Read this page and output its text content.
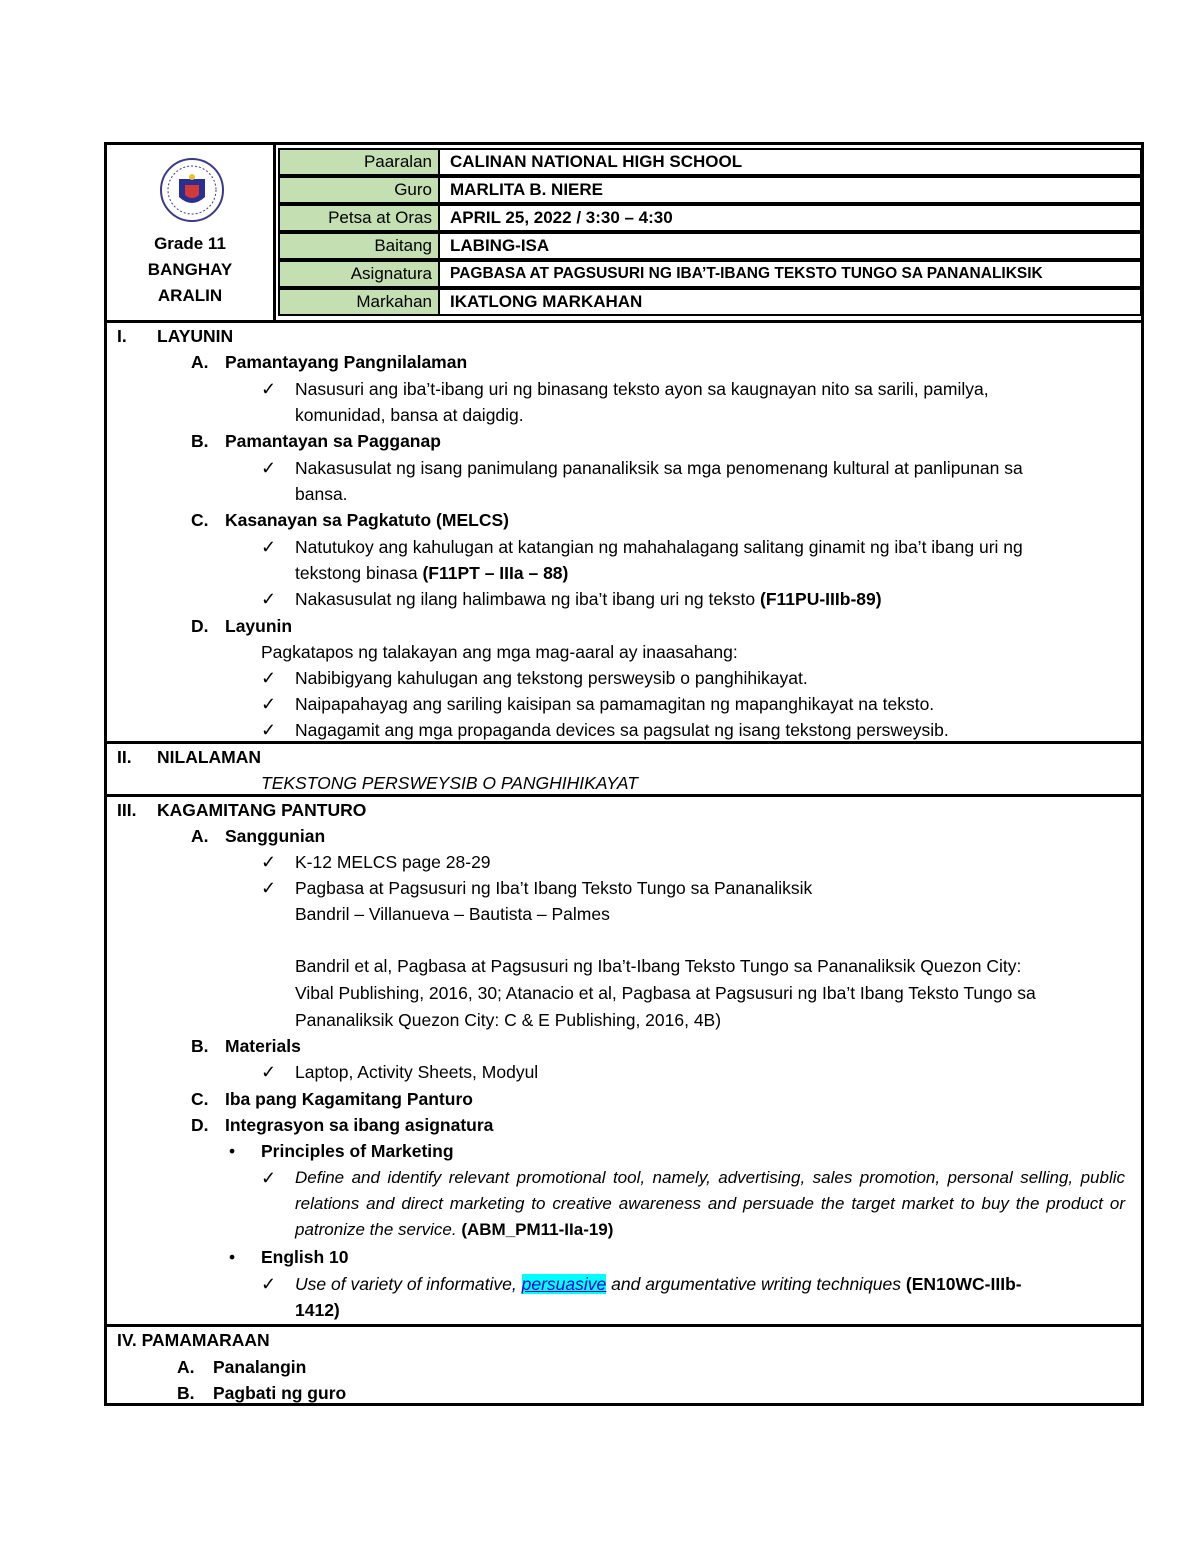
Grade 11
BANGHAY
ARALIN
Paaralan	CALINAN NATIONAL HIGH SCHOOL
Guro	MARLITA B. NIERE
Petsa at Oras	APRIL 25, 2022 / 3:30 – 4:30
Baitang	LABING-ISA
Asignatura	PAGBASA AT PAGSUSURI NG IBA’T-IBANG TEKSTO TUNGO SA PANANALIKSIK
Markahan	IKATLONG MARKAHAN
I. LAYUNIN
A. Pamantayang Pangnilalaman
✓ Nasusuri ang iba’t-ibang uri ng binasang teksto ayon sa kaugnayan nito sa sarili, pamilya,
komunidad, bansa at daigdig.
B. Pamantayan sa Pagganap
✓ Nakasusulat ng isang panimulang pananaliksik sa mga penomenang kultural at panlipunan sa
bansa.
C. Kasanayan sa Pagkatuto (MELCS)
✓ Natutukoy ang kahulugan at katangian ng mahahalagang salitang ginamit ng iba’t ibang uri ng
tekstong binasa (F11PT – IIIa – 88)
✓ Nakasusulat ng ilang halimbawa ng iba’t ibang uri ng teksto (F11PU-IIIb-89)
D. Layunin
Pagkatapos ng talakayan ang mga mag-aaral ay inaasahang:
✓ Nabibigyang kahulugan ang tekstong persweysib o panghihikayat.
✓ Naipapahayag ang sariling kaisipan sa pamamagitan ng mapanghikayat na teksto.
✓ Nagagamit ang mga propaganda devices sa pagsulat ng isang tekstong persweysib.
II. NILALAMAN
TEKSTONG PERSWEYSIB O PANGHIHIKAYAT
III. KAGAMITANG PANTURO
A. Sanggunian
✓ K-12 MELCS page 28-29
✓ Pagbasa at Pagsusuri ng Iba’t Ibang Teksto Tungo sa Pananaliksik
Bandril – Villanueva – Bautista – Palmes
Bandril et al, Pagbasa at Pagsusuri ng Iba’t-Ibang Teksto Tungo sa Pananaliksik Quezon City:
Vibal Publishing, 2016, 30; Atanacio et al, Pagbasa at Pagsusuri ng Iba’t Ibang Teksto Tungo sa
Pananaliksik Quezon City: C & E Publishing, 2016, 4B)
B. Materials
✓ Laptop, Activity Sheets, Modyul
C. Iba pang Kagamitang Panturo
D. Integrasyon sa ibang asignatura
• Principles of Marketing
✓ Define and identify relevant promotional tool, namely, advertising, sales promotion, personal selling, public relations and direct marketing to creative awareness and persuade the target market to buy the product or patronize the service. (ABM_PM11-IIa-19)
• English 10
✓ Use of variety of informative, persuasive and argumentative writing techniques (EN10WC-IIIb-
1412)
IV. PAMAMARAAN
A. Panalangin
B. Pagbati ng guro
